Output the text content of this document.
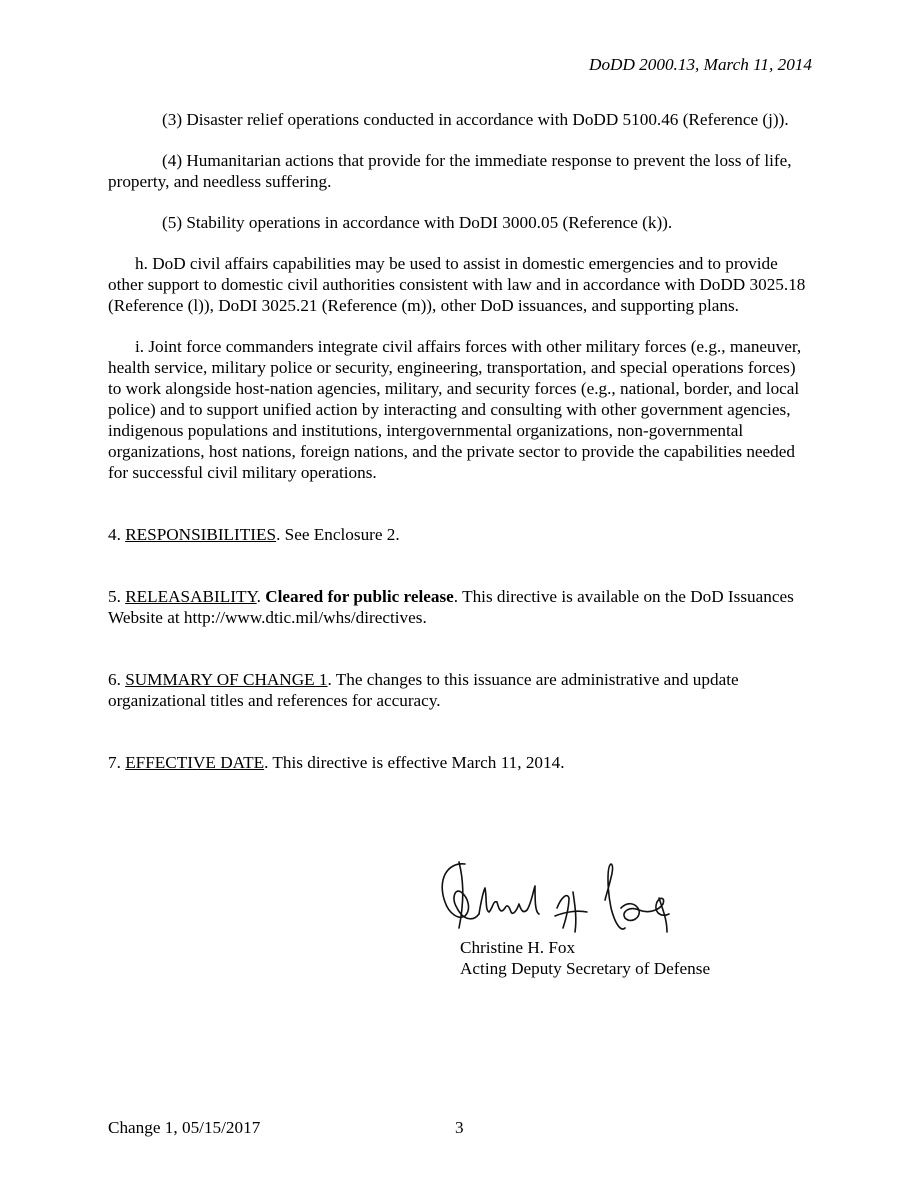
DoDD 2000.13, March 11, 2014

(3) Disaster relief operations conducted in accordance with DoDD 5100.46 (Reference (j)).

(4) Humanitarian actions that provide for the immediate response to prevent the loss of life, property, and needless suffering.

(5) Stability operations in accordance with DoDI 3000.05 (Reference (k)).

h. DoD civil affairs capabilities may be used to assist in domestic emergencies and to provide other support to domestic civil authorities consistent with law and in accordance with DoDD 3025.18 (Reference (l)), DoDI 3025.21 (Reference (m)), other DoD issuances, and supporting plans.

i. Joint force commanders integrate civil affairs forces with other military forces (e.g., maneuver, health service, military police or security, engineering, transportation, and special operations forces) to work alongside host-nation agencies, military, and security forces (e.g., national, border, and local police) and to support unified action by interacting and consulting with other government agencies, indigenous populations and institutions, intergovernmental organizations, non-governmental organizations, host nations, foreign nations, and the private sector to provide the capabilities needed for successful civil military operations.

4. RESPONSIBILITIES. See Enclosure 2.

5. RELEASABILITY. Cleared for public release. This directive is available on the DoD Issuances Website at http://www.dtic.mil/whs/directives.

6. SUMMARY OF CHANGE 1. The changes to this issuance are administrative and update organizational titles and references for accuracy.

7. EFFECTIVE DATE. This directive is effective March 11, 2014.

Christine H. Fox
Acting Deputy Secretary of Defense
Change 1, 05/15/2017	3
